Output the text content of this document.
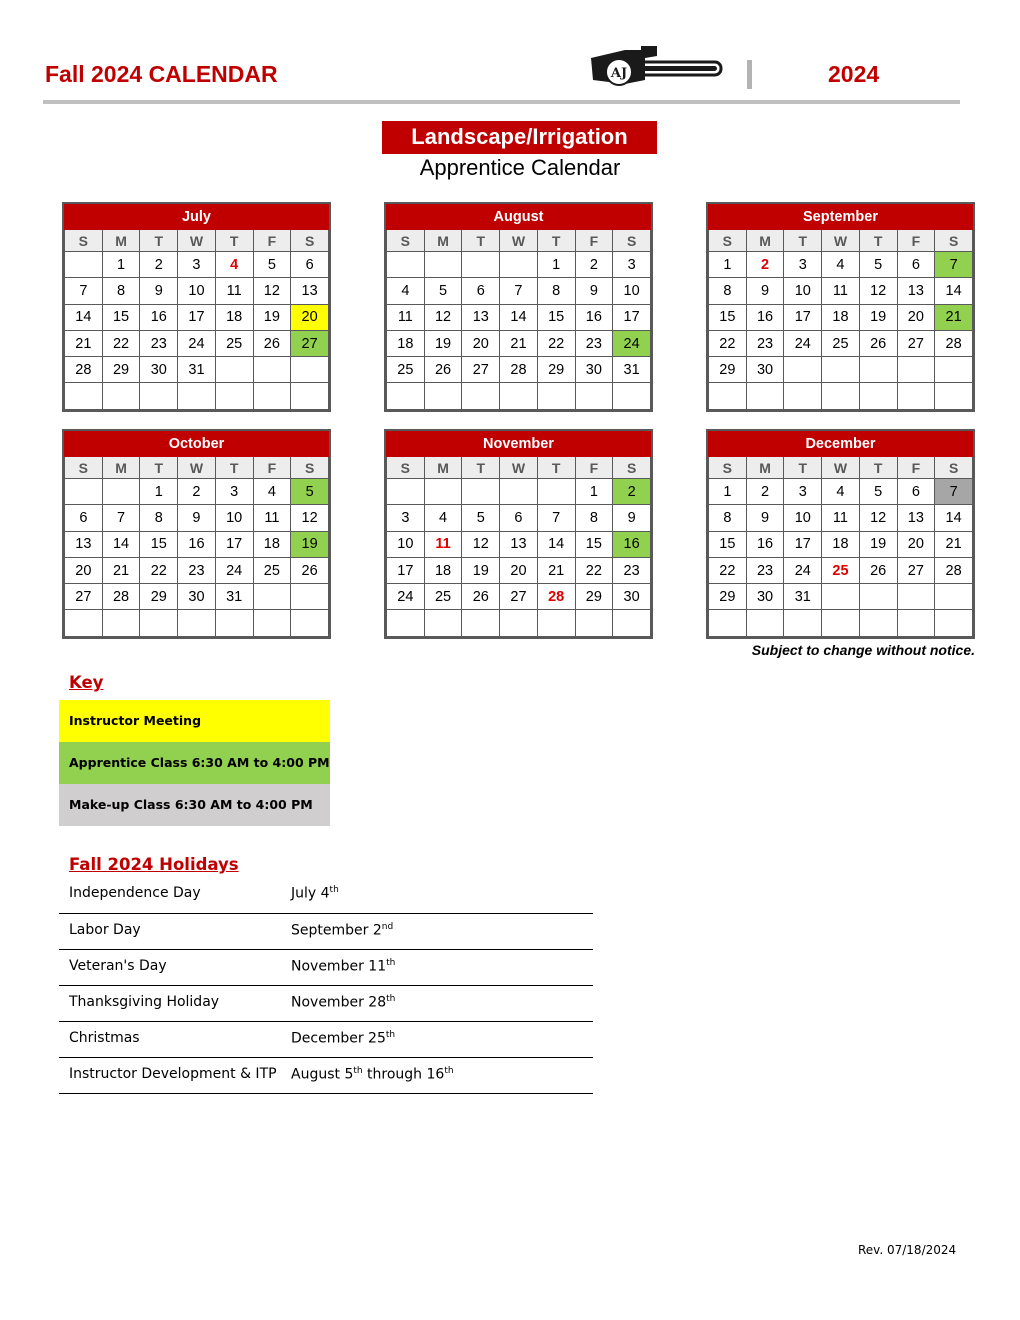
Fall 2024 CALENDAR	AJ	2024
Landscape/Irrigation
Apprentice Calendar
July						
S	M	T	W	T	F	S
	1	2	3	4	5	6
7	8	9	10	11	12	13
14	15	16	17	18	19	20
21	22	23	24	25	26	27
28	29	30	31			

August						
S	M	T	W	T	F	S
				1	2	3
4	5	6	7	8	9	10
11	12	13	14	15	16	17
18	19	20	21	22	23	24
25	26	27	28	29	30	31

September						
S	M	T	W	T	F	S
1	2	3	4	5	6	7
8	9	10	11	12	13	14
15	16	17	18	19	20	21
22	23	24	25	26	27	28
29	30					

October						
S	M	T	W	T	F	S
		1	2	3	4	5
6	7	8	9	10	11	12
13	14	15	16	17	18	19
20	21	22	23	24	25	26
27	28	29	30	31		

November						
S	M	T	W	T	F	S
					1	2
3	4	5	6	7	8	9
10	11	12	13	14	15	16
17	18	19	20	21	22	23
24	25	26	27	28	29	30

December						
S	M	T	W	T	F	S
1	2	3	4	5	6	7
8	9	10	11	12	13	14
15	16	17	18	19	20	21
22	23	24	25	26	27	28
29	30	31				

Subject to change without notice.
Key
Instructor Meeting
Apprentice Class 6:30 AM to 4:00 PM
Make-up Class 6:30 AM to 4:00 PM
Fall 2024 Holidays
Independence Day	July 4th
Labor Day	September 2nd
Veteran's Day	November 11th
Thanksgiving Holiday	November 28th
Christmas	December 25th
Instructor Development & ITP	August 5th through 16th
Rev. 07/18/2024
